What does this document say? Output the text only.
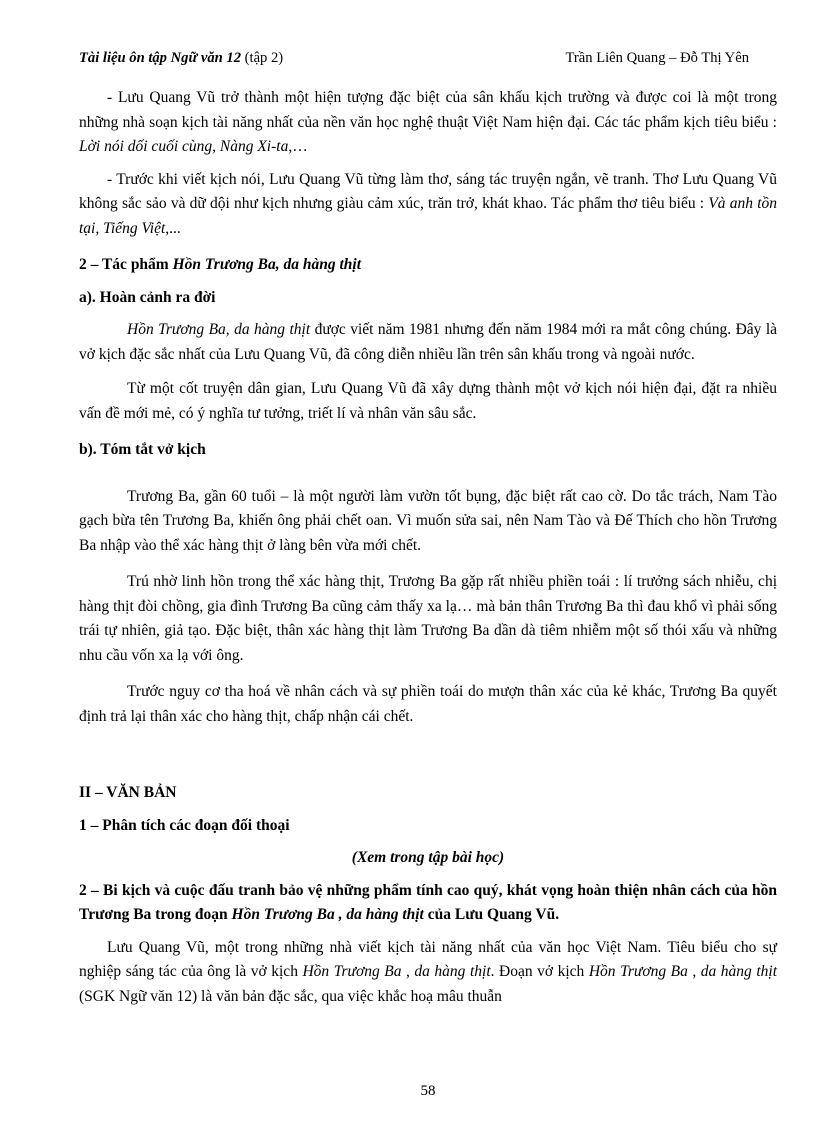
Tài liệu ôn tập Ngữ văn 12 (tập 2)	Trần Liên Quang – Đỗ Thị Yên

- Lưu Quang Vũ trở thành một hiện tượng đặc biệt của sân khấu kịch trường và được coi là một trong những nhà soạn kịch tài năng nhất của nền văn học nghệ thuật Việt Nam hiện đại. Các tác phẩm kịch tiêu biểu : Lời nói dối cuối cùng, Nàng Xi-ta,…

- Trước khi viết kịch nói, Lưu Quang Vũ từng làm thơ, sáng tác truyện ngắn, vẽ tranh. Thơ Lưu Quang Vũ không sắc sảo và dữ dội như kịch nhưng giàu cảm xúc, trăn trở, khát khao. Tác phẩm thơ tiêu biểu : Và anh tồn tại, Tiếng Việt,...

2 – Tác phẩm Hồn Trương Ba, da hàng thịt

a). Hoàn cảnh ra đời

Hồn Trương Ba, da hàng thịt được viết năm 1981 nhưng đến năm 1984 mới ra mắt công chúng. Đây là vở kịch đặc sắc nhất của Lưu Quang Vũ, đã công diễn nhiều lần trên sân khấu trong và ngoài nước.

Từ một cốt truyện dân gian, Lưu Quang Vũ đã xây dựng thành một vở kịch nói hiện đại, đặt ra nhiều vấn đề mới mẻ, có ý nghĩa tư tưởng, triết lí và nhân văn sâu sắc.

b). Tóm tắt vở kịch

Trương Ba, gần 60 tuổi – là một người làm vườn tốt bụng, đặc biệt rất cao cờ. Do tắc trách, Nam Tào gạch bừa tên Trương Ba, khiến ông phải chết oan. Vì muốn sửa sai, nên Nam Tào và Đế Thích cho hồn Trương Ba nhập vào thể xác hàng thịt ở làng bên vừa mới chết.

Trú nhờ linh hồn trong thể xác hàng thịt, Trương Ba gặp rất nhiều phiền toái : lí trưởng sách nhiễu, chị hàng thịt đòi chồng, gia đình Trương Ba cũng cảm thấy xa lạ… mà bản thân Trương Ba thì đau khổ vì phải sống trái tự nhiên, giả tạo. Đặc biệt, thân xác hàng thịt làm Trương Ba dần dà tiêm nhiễm một số thói xấu và những nhu cầu vốn xa lạ với ông.

Trước nguy cơ tha hoá về nhân cách và sự phiền toái do mượn thân xác của kẻ khác, Trương Ba quyết định trả lại thân xác cho hàng thịt, chấp nhận cái chết.

II – VĂN BẢN

1 – Phân tích các đoạn đối thoại

(Xem trong tập bài học)

2 – Bi kịch và cuộc đấu tranh bảo vệ những phẩm tính cao quý, khát vọng hoàn thiện nhân cách của hồn Trương Ba trong đoạn Hồn Trương Ba , da hàng thịt của Lưu Quang Vũ.

Lưu Quang Vũ, một trong những nhà viết kịch tài năng nhất của văn học Việt Nam. Tiêu biểu cho sự nghiệp sáng tác của ông là vở kịch Hồn Trương Ba , da hàng thịt. Đoạn vở kịch Hồn Trương Ba , da hàng thịt (SGK Ngữ văn 12) là văn bản đặc sắc, qua việc khắc hoạ mâu thuẫn

58
